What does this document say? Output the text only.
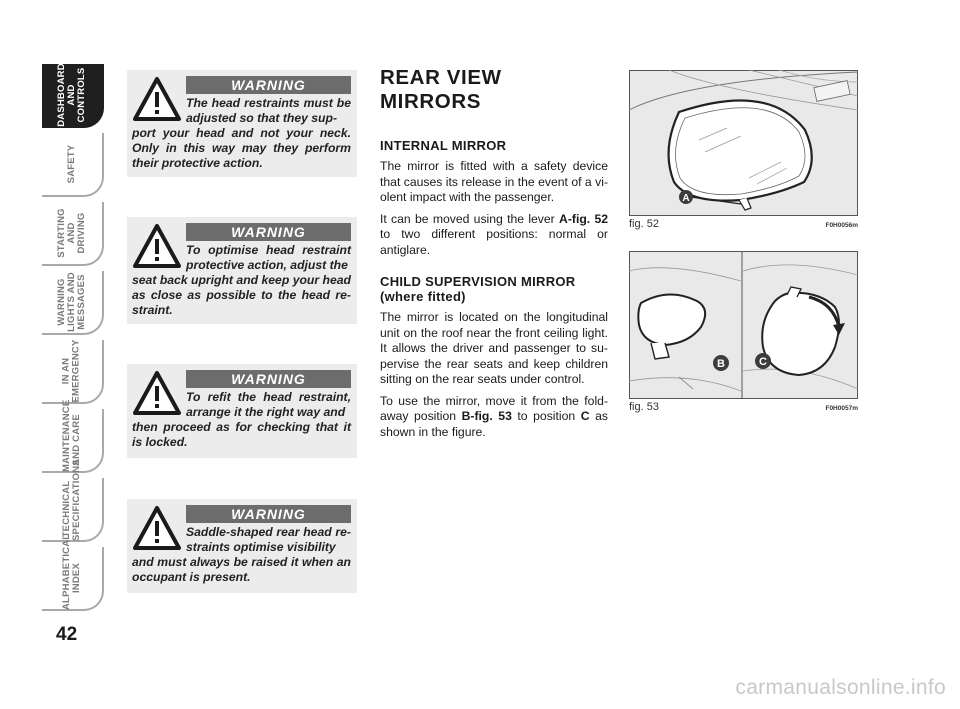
DASHBOARD
AND CONTROLS
SAFETY
STARTING
AND DRIVING
WARNING
LIGHTS AND
MESSAGES
IN AN
EMERGENCY
MAINTENANCE
AND CARE
TECHNICAL
SPECIFICATIONS
ALPHABETICAL
INDEX
42
WARNING
The head restraints must be adjusted so that they sup-
port your head and not your neck. Only in this way may they perform their protective action.
WARNING
To optimise head restraint protective action, adjust the
seat back upright and keep your head as close as possible to the head re-straint.
WARNING
To refit the head restraint, arrange it the right way and
then proceed as for checking that it is locked.
WARNING
Saddle-shaped rear head re-straints optimise visibility
and must always be raised it when an occupant is present.
REAR VIEW MIRRORS
INTERNAL MIRROR

The mirror is fitted with a safety device that causes its release in the event of a vi-olent impact with the passenger.

It can be moved using the lever A-fig. 52 to two different positions: normal or antiglare.

CHILD SUPERVISION MIRROR
(where fitted)

The mirror is located on the longitudinal unit on the roof near the front ceiling light. It allows the driver and passenger to su-pervise the rear seats and keep children sitting on the rear seats under control.

To use the mirror, move it from the fold-away position B-fig. 53 to position C as shown in the figure.

A
fig. 52	F0H0056m
B	C
fig. 53	F0H0057m
carmanualsonline.info
